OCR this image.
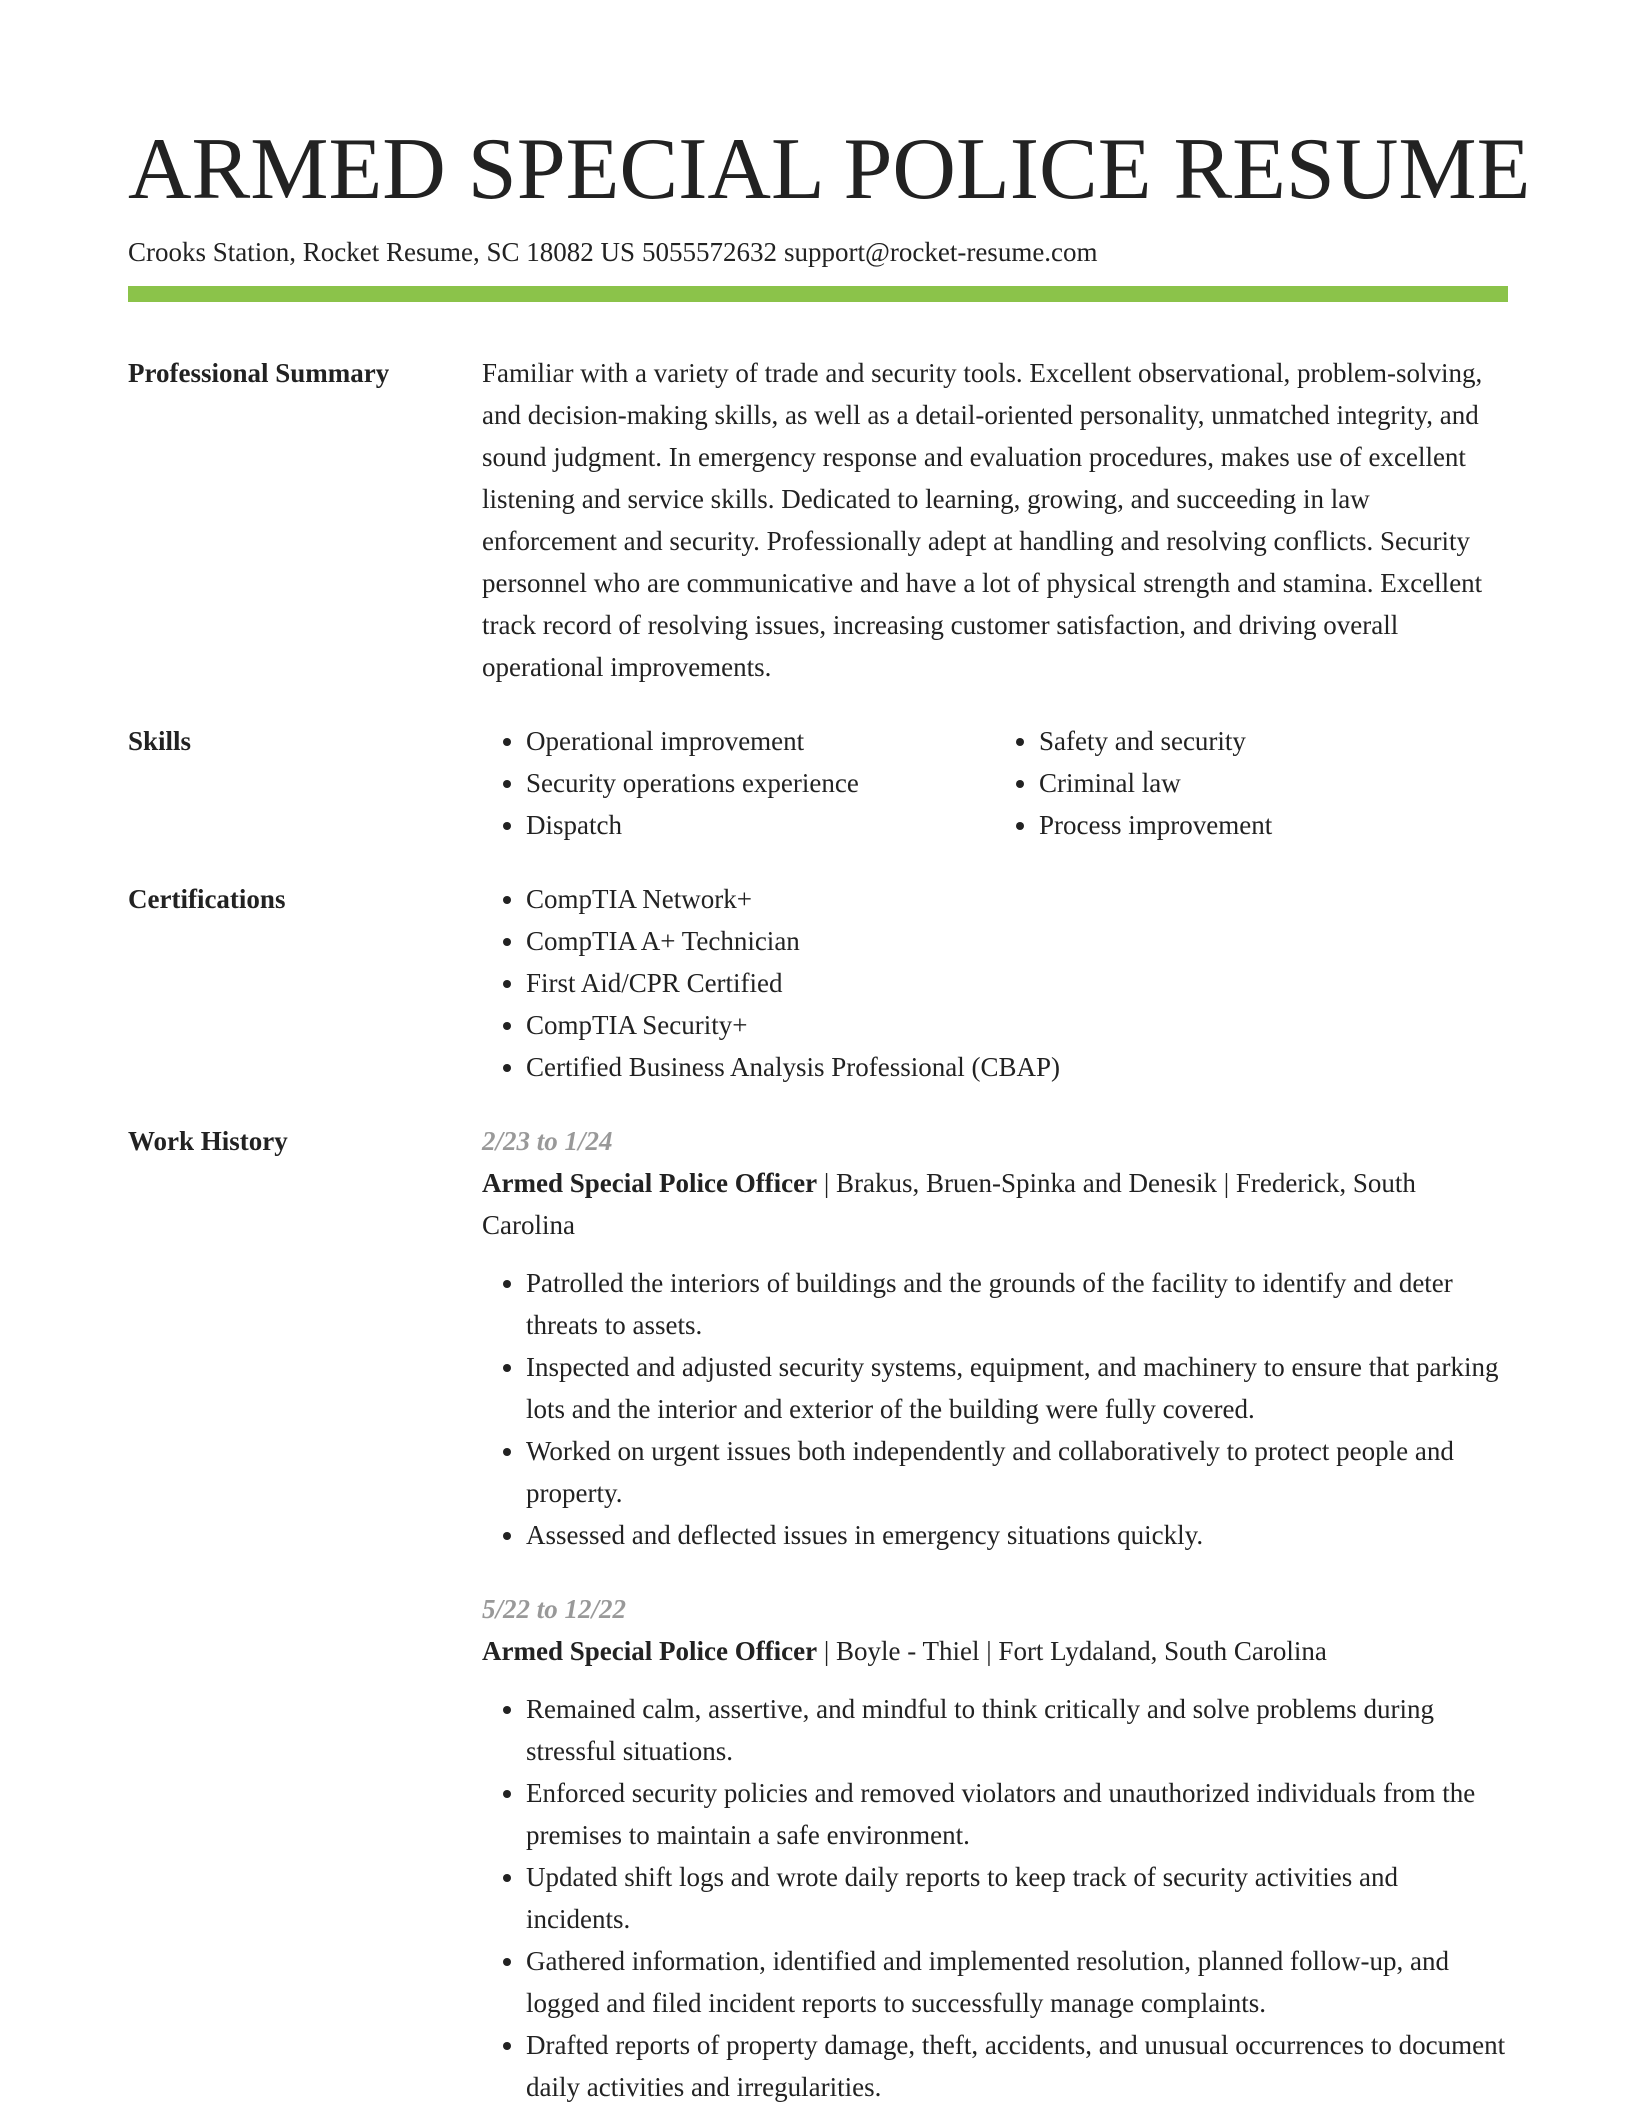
ARMED SPECIAL POLICE RESUME
Crooks Station, Rocket Resume, SC 18082 US 5055572632 support@rocket-resume.com
Professional Summary	Familiar with a variety of trade and security tools. Excellent observational, problem-solving, and decision-making skills, as well as a detail-oriented personality, unmatched integrity, and sound judgment. In emergency response and evaluation procedures, makes use of excellent listening and service skills. Dedicated to learning, growing, and succeeding in law enforcement and security. Professionally adept at handling and resolving conflicts. Security personnel who are communicative and have a lot of physical strength and stamina. Excellent track record of resolving issues, increasing customer satisfaction, and driving overall operational improvements.
Skills	• Operational improvement
• Security operations experience
• Dispatch
• Safety and security
• Criminal law
• Process improvement
Certifications	• CompTIA Network+
• CompTIA A+ Technician
• First Aid/CPR Certified
• CompTIA Security+
• Certified Business Analysis Professional (CBAP)
Work History	2/23 to 1/24
Armed Special Police Officer | Brakus, Bruen-Spinka and Denesik | Frederick, South Carolina
• Patrolled the interiors of buildings and the grounds of the facility to identify and deter threats to assets.
• Inspected and adjusted security systems, equipment, and machinery to ensure that parking lots and the interior and exterior of the building were fully covered.
• Worked on urgent issues both independently and collaboratively to protect people and property.
• Assessed and deflected issues in emergency situations quickly.
5/22 to 12/22
Armed Special Police Officer | Boyle - Thiel | Fort Lydaland, South Carolina
• Remained calm, assertive, and mindful to think critically and solve problems during stressful situations.
• Enforced security policies and removed violators and unauthorized individuals from the premises to maintain a safe environment.
• Updated shift logs and wrote daily reports to keep track of security activities and incidents.
• Gathered information, identified and implemented resolution, planned follow-up, and logged and filed incident reports to successfully manage complaints.
• Drafted reports of property damage, theft, accidents, and unusual occurrences to document daily activities and irregularities.
